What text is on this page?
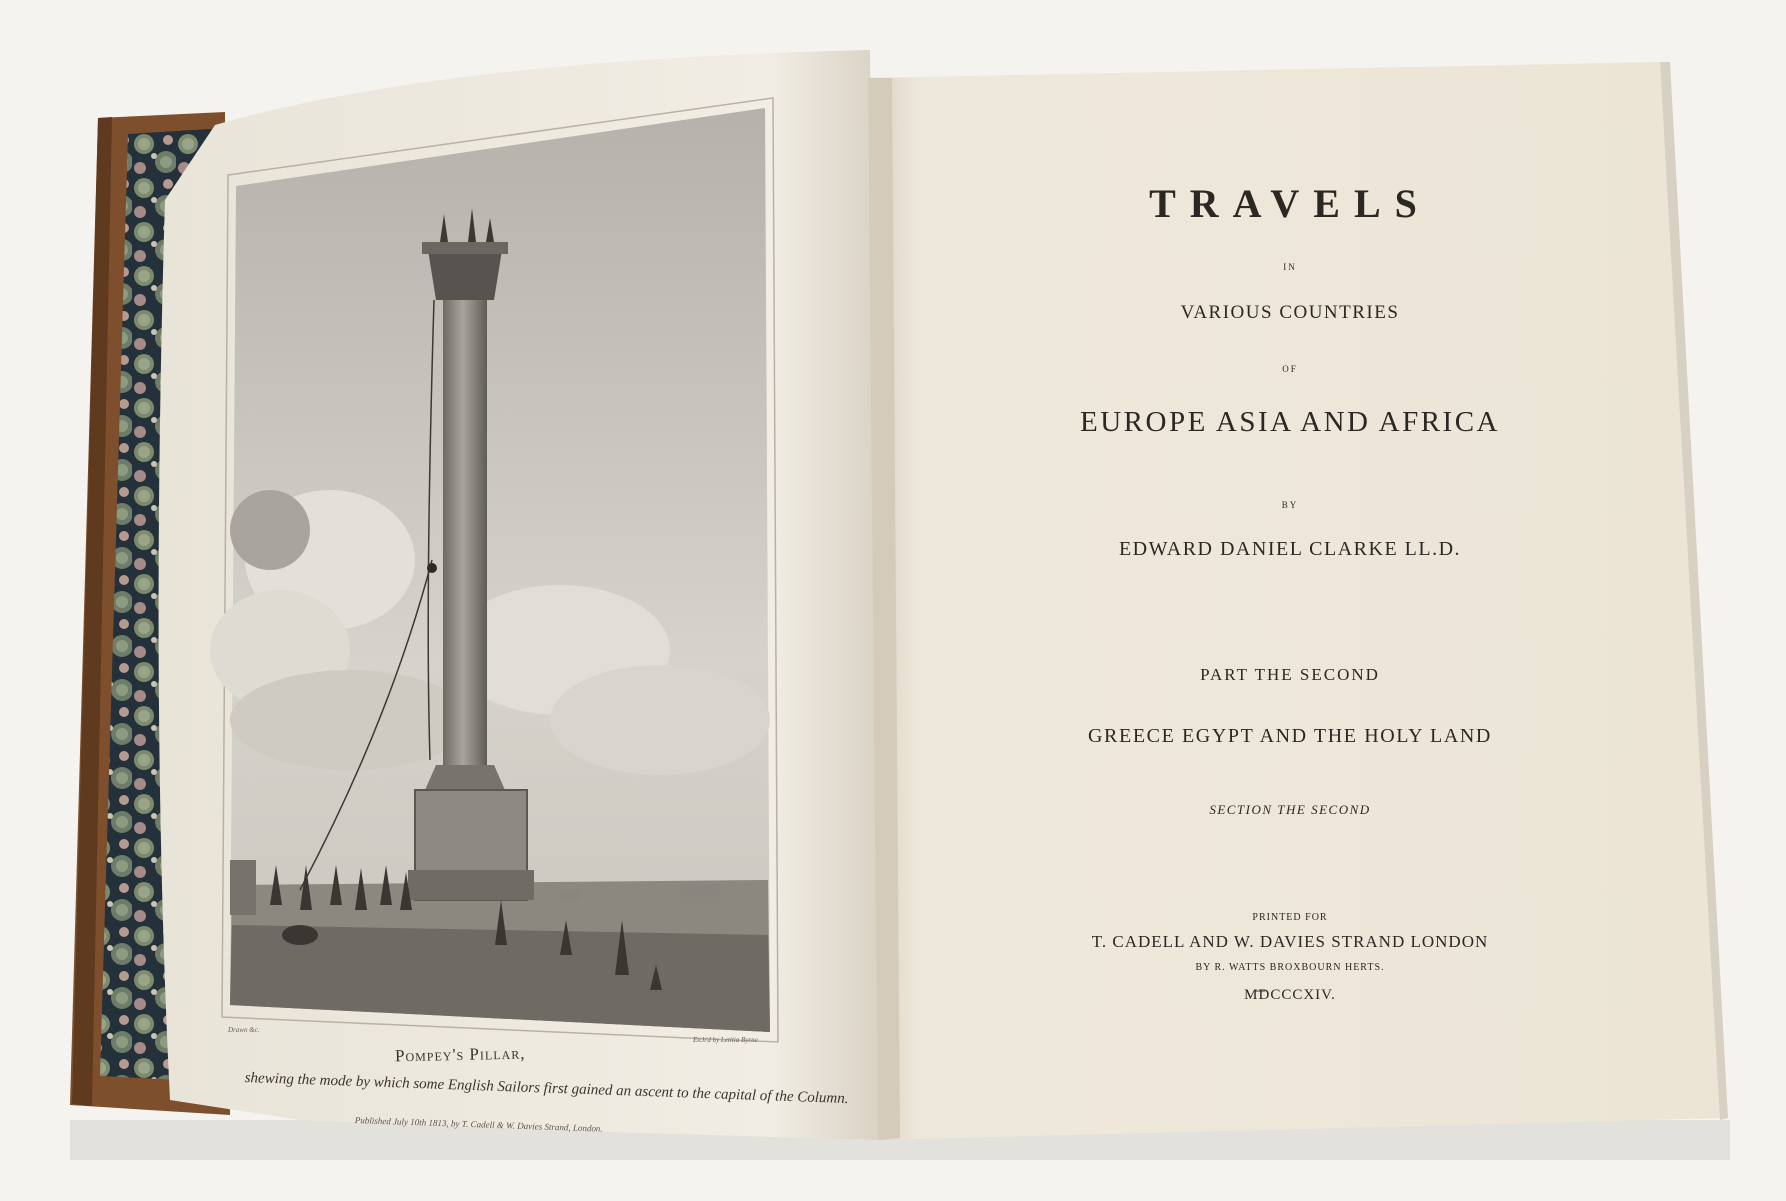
TRAVELS
IN
VARIOUS COUNTRIES
OF
EUROPE ASIA AND AFRICA
BY
EDWARD DANIEL CLARKE LL.D.
PART THE SECOND
GREECE EGYPT AND THE HOLY LAND
SECTION THE SECOND
PRINTED FOR
T. CADELL AND W. DAVIES STRAND LONDON
BY R. WATTS BROXBOURN HERTS.
MDCCCXIV.
Drawn &c.
Etch'd by Letitia Byrne
Pompey's Pillar,
shewing the mode by which some English Sailors first gained an ascent to the capital of the Column.
Published July 10th 1813, by T. Cadell & W. Davies Strand, London.
